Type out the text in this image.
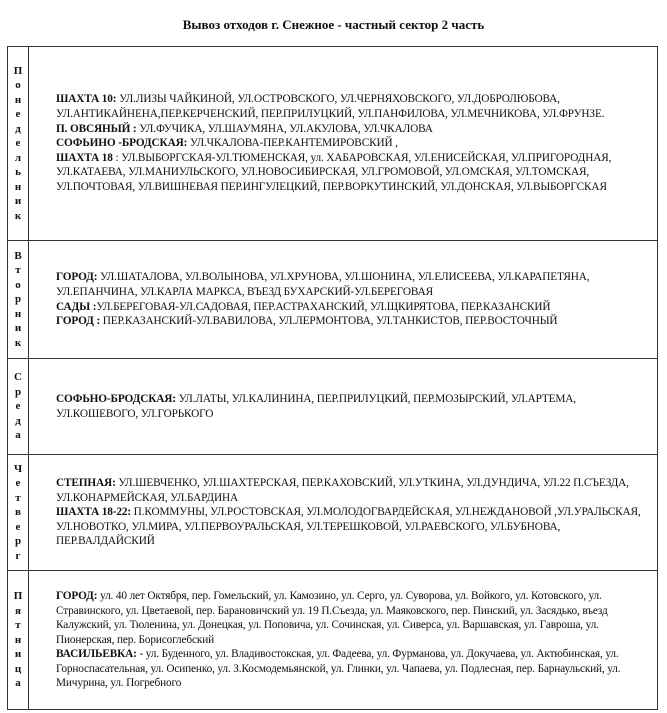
Вывоз отходов г. Снежное - частный сектор 2 часть
Понедельник	ШАХТА 10: УЛ.ЛИЗЫ ЧАЙКИНОЙ, УЛ.ОСТРОВСКОГО, УЛ.ЧЕРНЯХОВСКОГО, УЛ.ДОБРОЛЮБОВА, УЛ.АНТИКАЙНЕНА,ПЕР.КЕРЧЕНСКИЙ, ПЕР.ПРИЛУЦКИЙ, УЛ.ПАНФИЛОВА, УЛ.МЕЧНИКОВА, УЛ.ФРУНЗЕ.
П. ОВСЯНЫЙ : УЛ.ФУЧИКА, УЛ.ШАУМЯНА, УЛ.АКУЛОВА, УЛ.ЧКАЛОВА
СОФЬИНО -БРОДСКАЯ: УЛ.ЧКАЛОВА-ПЕР.КАНТЕМИРОВСКИЙ ,
ШАХТА 18 : УЛ.ВЫБОРГСКАЯ-УЛ.ТЮМЕНСКАЯ, ул. ХАБАРОВСКАЯ, УЛ.ЕНИСЕЙСКАЯ, УЛ.ПРИГОРОДНАЯ, УЛ.КАТАЕВА, УЛ.МАНИУЛЬСКОГО, УЛ.НОВОСИБИРСКАЯ, УЛ.ГРОМОВОЙ, УЛ.ОМСКАЯ, УЛ.ТОМСКАЯ, УЛ.ПОЧТОВАЯ, УЛ.ВИШНЕВАЯ ПЕР.ИНГУЛЕЦКИЙ, ПЕР.ВОРКУТИНСКИЙ, УЛ.ДОНСКАЯ, УЛ.ВЫБОРГСКАЯ

Вторник	ГОРОД: УЛ.ШАТАЛОВА, УЛ.ВОЛЫНОВА, УЛ.ХРУНОВА, УЛ.ШОНИНА, УЛ.ЕЛИСЕЕВА, УЛ.КАРАПЕТЯНА, УЛ.ЕПАНЧИНА, УЛ.КАРЛА МАРКСА, ВЪЕЗД БУХАРСКИЙ-УЛ.БЕРЕГОВАЯ
САДЫ :УЛ.БЕРЕГОВАЯ-УЛ.САДОВАЯ, ПЕР.АСТРАХАНСКИЙ, УЛ.ЩКИРЯТОВА, ПЕР.КАЗАНСКИЙ
ГОРОД : ПЕР.КАЗАНСКИЙ-УЛ.ВАВИЛОВА, УЛ.ЛЕРМОНТОВА, УЛ.ТАНКИСТОВ, ПЕР.ВОСТОЧНЫЙ

Среда	СОФЬНО-БРОДСКАЯ: УЛ.ЛАТЫ, УЛ.КАЛИНИНА, ПЕР.ПРИЛУЦКИЙ, ПЕР.МОЗЫРСКИЙ, УЛ.АРТЕМА, УЛ.КОШЕВОГО, УЛ.ГОРЬКОГО

Четверг	СТЕПНАЯ: УЛ.ШЕВЧЕНКО, УЛ.ШАХТЕРСКАЯ, ПЕР.КАХОВСКИЙ, УЛ.УТКИНА, УЛ.ДУНДИЧА, УЛ.22 П.СЪЕЗДА, УЛ.КОНАРМЕЙСКАЯ, УЛ.БАРДИНА
ШАХТА 18-22: П.КОММУНЫ, УЛ.РОСТОВСКАЯ, УЛ.МОЛОДОГВАРДЕЙСКАЯ, УЛ.НЕЖДАНОВОЙ ,УЛ.УРАЛЬСКАЯ, УЛ.НОВОТКО, УЛ.МИРА, УЛ.ПЕРВОУРАЛЬСКАЯ, УЛ.ТЕРЕШКОВОЙ, УЛ.РАЕВСКОГО, УЛ.БУБНОВА, ПЕР.ВАЛДАЙСКИЙ

Пятница	ГОРОД: ул. 40 лет Октября, пер. Гомельский, ул. Камозино, ул. Серго, ул. Суворова, ул. Войкого, ул. Котовского, ул. Стравинского, ул. Цветаевой, пер. Барановичский ул. 19 П.Съезда, ул. Маяковского, пер. Пинский, ул. Засядько, въезд Калужский, ул. Тюленина, ул. Донецкая, ул. Поповича, ул. Сочинская, ул. Сиверса, ул. Варшавская, ул. Гавроша, ул. Пионерская, пер. Борисоглебский
ВАСИЛЬЕВКА: - ул. Буденного, ул. Владивостокская, ул. Фадеева, ул. Фурманова, ул. Докучаева, ул. Актюбинская, ул. Горноспасательная, ул. Осипенко, ул. З.Космодемьянской, ул. Глинки, ул. Чапаева, ул. Подлесная, пер. Барнаульский, ул. Мичурина, ул. Погребного
